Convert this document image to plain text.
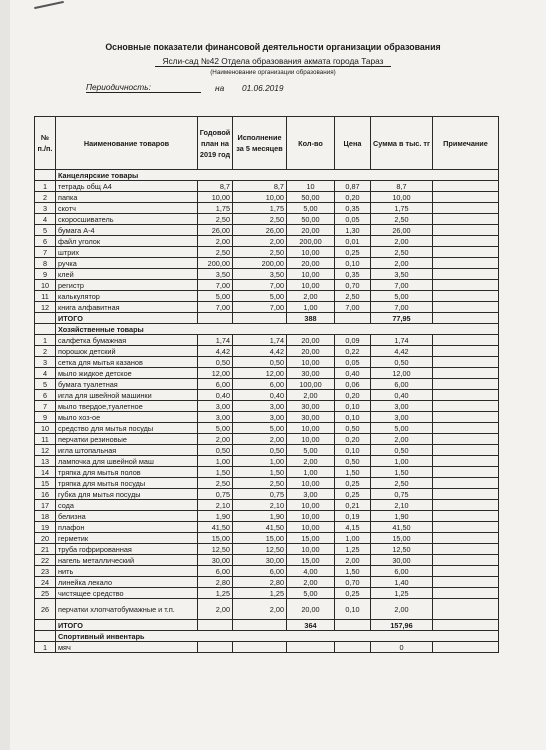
Основные показатели финансовой деятельности организации образования
Ясли-сад №42 Отдела образования акмата города Тараз
(Наименование организации образования)
Периодичность:	на 01.06.2019
№ п./п.	Наименование товаров	Годовой план на 2019 год	Исполнение за 5 месяцев	Кол-во	Цена	Сумма в тыс. тг	Примечание
	Канцелярские товары						
1	тетрадь общ А4	8,7	8,7	10	0,87	8,7	
2	папка	10,00	10,00	50,00	0,20	10,00	
3	скотч	1,75	1,75	5,00	0,35	1,75	
4	скоросшиватель	2,50	2,50	50,00	0,05	2,50	
5	бумага А-4	26,00	26,00	20,00	1,30	26,00	
6	файл уголок	2,00	2,00	200,00	0,01	2,00	
7	штрих	2,50	2,50	10,00	0,25	2,50	
8	ручка	200,00	200,00	20,00	0,10	2,00	
9	клей	3,50	3,50	10,00	0,35	3,50	
10	регистр	7,00	7,00	10,00	0,70	7,00	
11	калькулятор	5,00	5,00	2,00	2,50	5,00	
12	книга алфавитная	7,00	7,00	1,00	7,00	7,00	
	ИТОГО			388		77,95	
	Хозяйственные товары						
1	салфетка бумажная	1,74	1,74	20,00	0,09	1,74	
2	порошок детский	4,42	4,42	20,00	0,22	4,42	
3	сетка для мытья казанов	0,50	0,50	10,00	0,05	0,50	
4	мыло жидкое детское	12,00	12,00	30,00	0,40	12,00	
5	бумага туалетная	6,00	6,00	100,00	0,06	6,00	
6	игла для швейной машинки	0,40	0,40	2,00	0,20	0,40	
7	мыло твердое,туалетное	3,00	3,00	30,00	0,10	3,00	
9	мыло хоз-ое	3,00	3,00	30,00	0,10	3,00	
10	средство для мытья посуды	5,00	5,00	10,00	0,50	5,00	
11	перчатки резиновые	2,00	2,00	10,00	0,20	2,00	
12	игла штопальная	0,50	0,50	5,00	0,10	0,50	
13	лампочка для швейной маш	1,00	1,00	2,00	0,50	1,00	
14	тряпка для мытья полов	1,50	1,50	1,00	1,50	1,50	
15	тряпка для мытья посуды	2,50	2,50	10,00	0,25	2,50	
16	губка для мытья посуды	0,75	0,75	3,00	0,25	0,75	
17	сода	2,10	2,10	10,00	0,21	2,10	
18	белизна	1,90	1,90	10,00	0,19	1,90	
19	плафон	41,50	41,50	10,00	4,15	41,50	
20	герметик	15,00	15,00	15,00	1,00	15,00	
21	труба гофрированная	12,50	12,50	10,00	1,25	12,50	
22	нагель металлический	30,00	30,00	15,00	2,00	30,00	
23	нить	6,00	6,00	4,00	1,50	6,00	
24	линейка лекало	2,80	2,80	2,00	0,70	1,40	
25	чистящее средство	1,25	1,25	5,00	0,25	1,25	
26	перчатки хлопчатобумажные и т.п.	2,00	2,00	20,00	0,10	2,00	
	ИТОГО			364		157,96	
	Спортивный инвентарь						
1	мяч					0	
